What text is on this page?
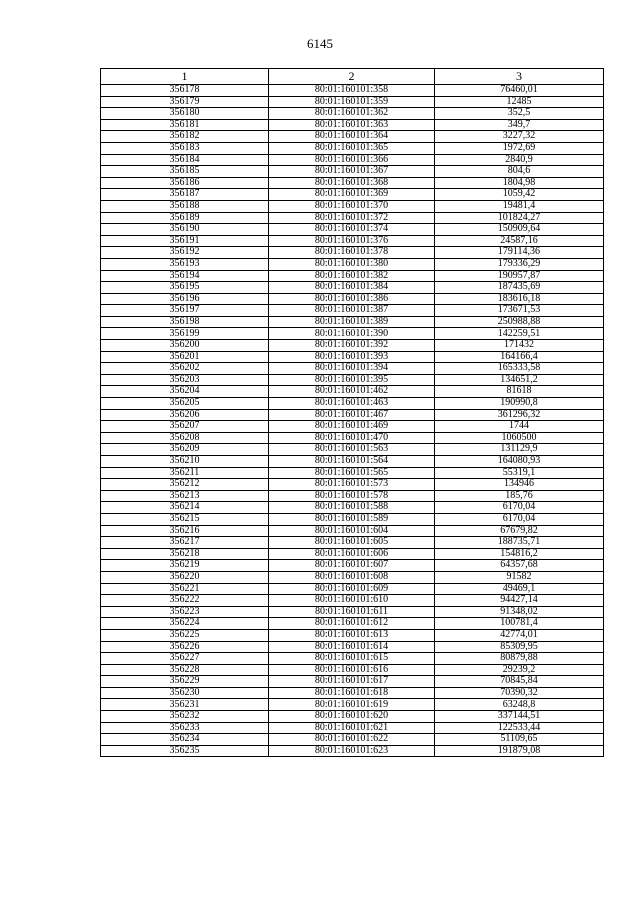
6145
1	2	3
356178	80:01:160101:358	76460,01
356179	80:01:160101:359	12485
356180	80:01:160101:362	352,5
356181	80:01:160101:363	349,7
356182	80:01:160101:364	3227,32
356183	80:01:160101:365	1972,69
356184	80:01:160101:366	2840,9
356185	80:01:160101:367	804,6
356186	80:01:160101:368	1804,98
356187	80:01:160101:369	1059,42
356188	80:01:160101:370	19481,4
356189	80:01:160101:372	101824,27
356190	80:01:160101:374	150909,64
356191	80:01:160101:376	24587,16
356192	80:01:160101:378	179114,36
356193	80:01:160101:380	179336,29
356194	80:01:160101:382	190957,87
356195	80:01:160101:384	187435,69
356196	80:01:160101:386	183616,18
356197	80:01:160101:387	173671,53
356198	80:01:160101:389	250988,88
356199	80:01:160101:390	142259,51
356200	80:01:160101:392	171432
356201	80:01:160101:393	164166,4
356202	80:01:160101:394	165333,58
356203	80:01:160101:395	134651,2
356204	80:01:160101:462	81618
356205	80:01:160101:463	190990,8
356206	80:01:160101:467	361296,32
356207	80:01:160101:469	1744
356208	80:01:160101:470	1060500
356209	80:01:160101:563	131129,9
356210	80:01:160101:564	164080,93
356211	80:01:160101:565	55319,1
356212	80:01:160101:573	134946
356213	80:01:160101:578	185,76
356214	80:01:160101:588	6170,04
356215	80:01:160101:589	6170,04
356216	80:01:160101:604	67679,82
356217	80:01:160101:605	188735,71
356218	80:01:160101:606	154816,2
356219	80:01:160101:607	64357,68
356220	80:01:160101:608	91582
356221	80:01:160101:609	49469,1
356222	80:01:160101:610	94427,14
356223	80:01:160101:611	91348,02
356224	80:01:160101:612	100781,4
356225	80:01:160101:613	42774,01
356226	80:01:160101:614	85309,95
356227	80:01:160101:615	80879,88
356228	80:01:160101:616	29239,2
356229	80:01:160101:617	70845,84
356230	80:01:160101:618	70390,32
356231	80:01:160101:619	63248,8
356232	80:01:160101:620	337144,51
356233	80:01:160101:621	122533,44
356234	80:01:160101:622	51109,65
356235	80:01:160101:623	191879,08
